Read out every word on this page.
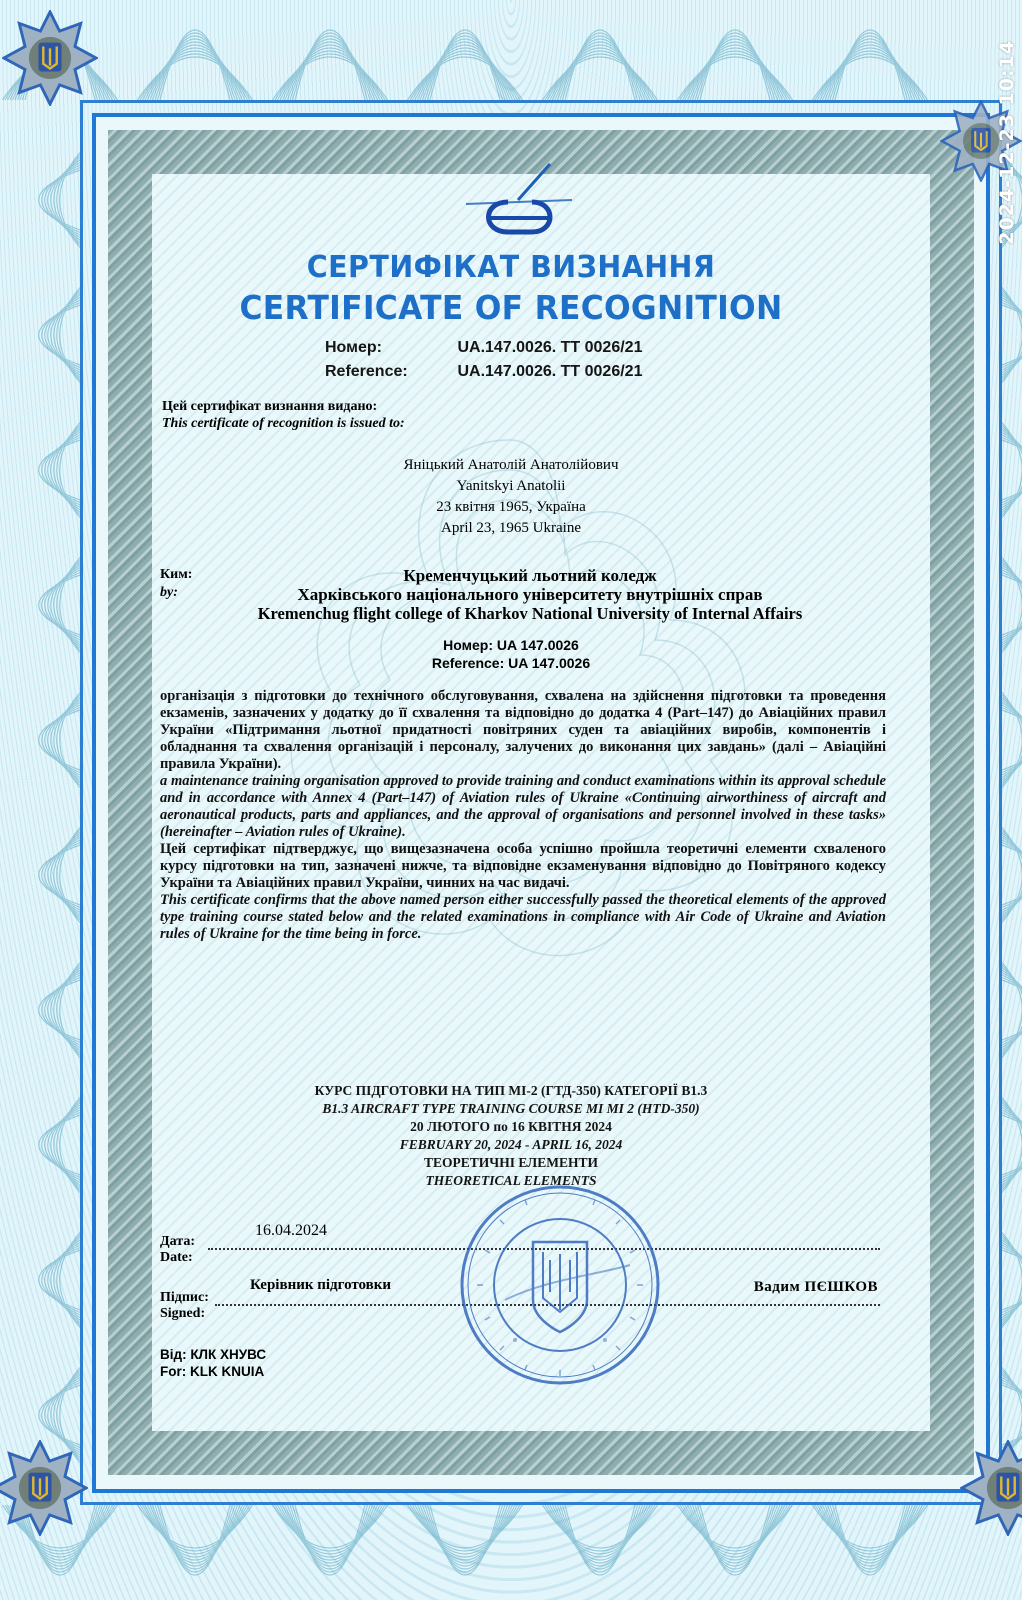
2024-12-23 10:14
СЕРТИФІКАТ ВИЗНАННЯ
CERTIFICATE OF RECOGNITION
Номер:	UA.147.0026. TT 0026/21
Reference:	UA.147.0026. TT 0026/21
Цей сертифікат визнання видано:
This certificate of recognition is issued to:
Яніцький Анатолій Анатолійович
Yanitskyi Anatolii
23 квітня 1965, Україна
April 23, 1965 Ukraine
Ким:
by:
Кременчуцький льотний коледж
Харківського національного університету внутрішніх справ
Kremenchug flight college of Kharkov National University of Internal Affairs
Номер: UA 147.0026
Reference: UA 147.0026

організація з підготовки до технічного обслуговування, схвалена на здійснення підготовки та проведення екзаменів, зазначених у додатку до її схвалення та відповідно до додатка 4 (Part–147) до Авіаційних правил України «Підтримання льотної придатності повітряних суден та авіаційних виробів, компонентів і обладнання та схвалення організацій і персоналу, залучених до виконання цих завдань» (далі – Авіаційні правила України).

a maintenance training organisation approved to provide training and conduct examinations within its approval schedule and in accordance with Annex 4 (Part–147) of Aviation rules of Ukraine «Continuing airworthiness of aircraft and aeronautical products, parts and appliances, and the approval of organisations and personnel involved in these tasks» (hereinafter – Aviation rules of Ukraine).

Цей сертифікат підтверджує, що вищезазначена особа успішно пройшла теоретичні елементи схваленого курсу підготовки на тип, зазначені нижче, та відповідне екзаменування відповідно до Повітряного кодексу України та Авіаційних правил України, чинних на час видачі.

This certificate confirms that the above named person either successfully passed the theoretical elements of the approved type training course stated below and the related examinations in compliance with Air Code of Ukraine and Aviation rules of Ukraine for the time being in force.

КУРС ПІДГОТОВКИ НА ТИП МІ-2 (ГТД-350) КАТЕГОРІЇ В1.3
B1.3 AIRCRAFT TYPE TRAINING COURSE MI MI 2 (HTD-350)
20 ЛЮТОГО по 16 КВІТНЯ 2024
FEBRUARY 20, 2024 - APRIL 16, 2024
ТЕОРЕТИЧНІ ЕЛЕМЕНТИ
THEORETICAL ELEMENTS
Дата:
Date:
16.04.2024
Підпис:
Signed:
Керівник підготовки	Вадим ПЄШКОВ
Від: КЛК ХНУВС
For: KLK KNUIA
